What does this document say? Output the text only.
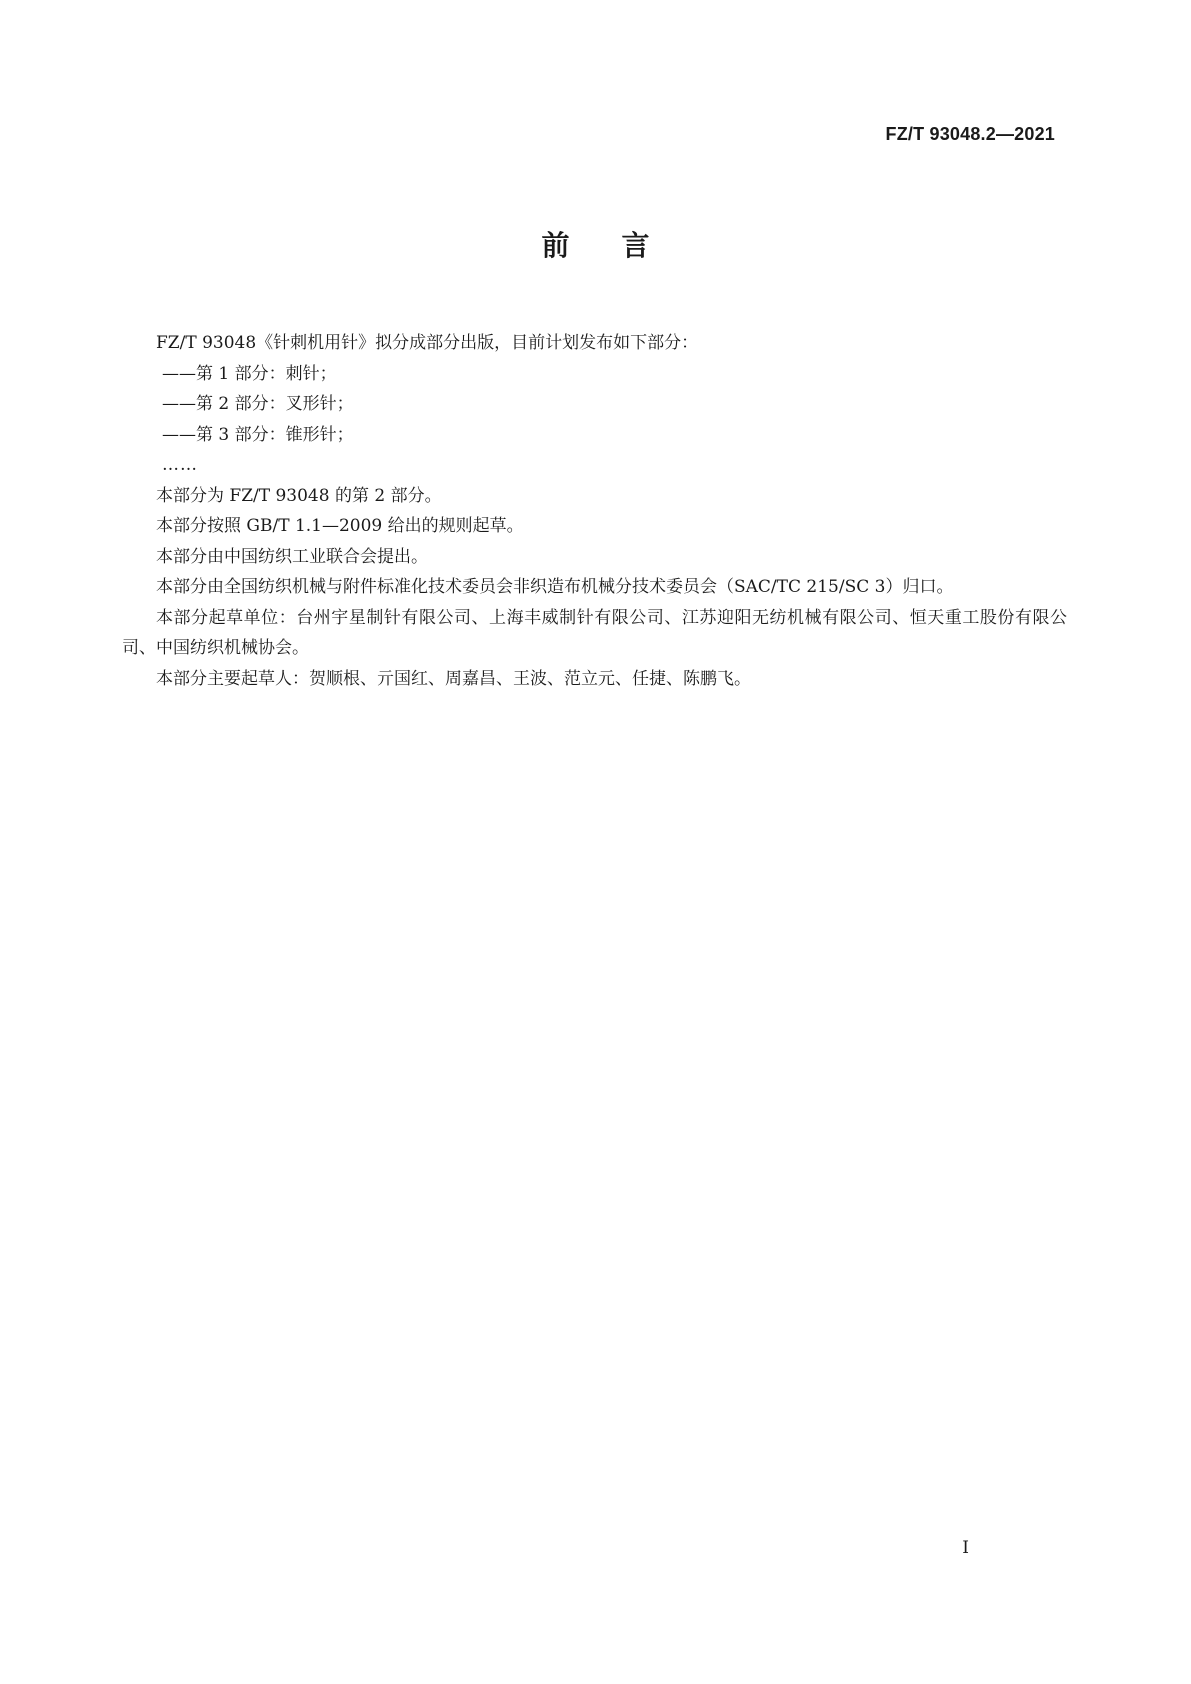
FZ/T 93048.2—2021
前言

FZ/T 93048《针刺机用针》拟分成部分出版，目前计划发布如下部分：

——第 1 部分：刺针；

——第 2 部分：叉形针；

——第 3 部分：锥形针；

……

本部分为 FZ/T 93048 的第 2 部分。

本部分按照 GB/T 1.1—2009 给出的规则起草。

本部分由中国纺织工业联合会提出。

本部分由全国纺织机械与附件标准化技术委员会非织造布机械分技术委员会（SAC/TC 215/SC 3）归口。

本部分起草单位：台州宇星制针有限公司、上海丰威制针有限公司、江苏迎阳无纺机械有限公司、恒天重工股份有限公司、中国纺织机械协会。

本部分主要起草人：贺顺根、亓国红、周嘉昌、王波、范立元、任捷、陈鹏飞。

I
